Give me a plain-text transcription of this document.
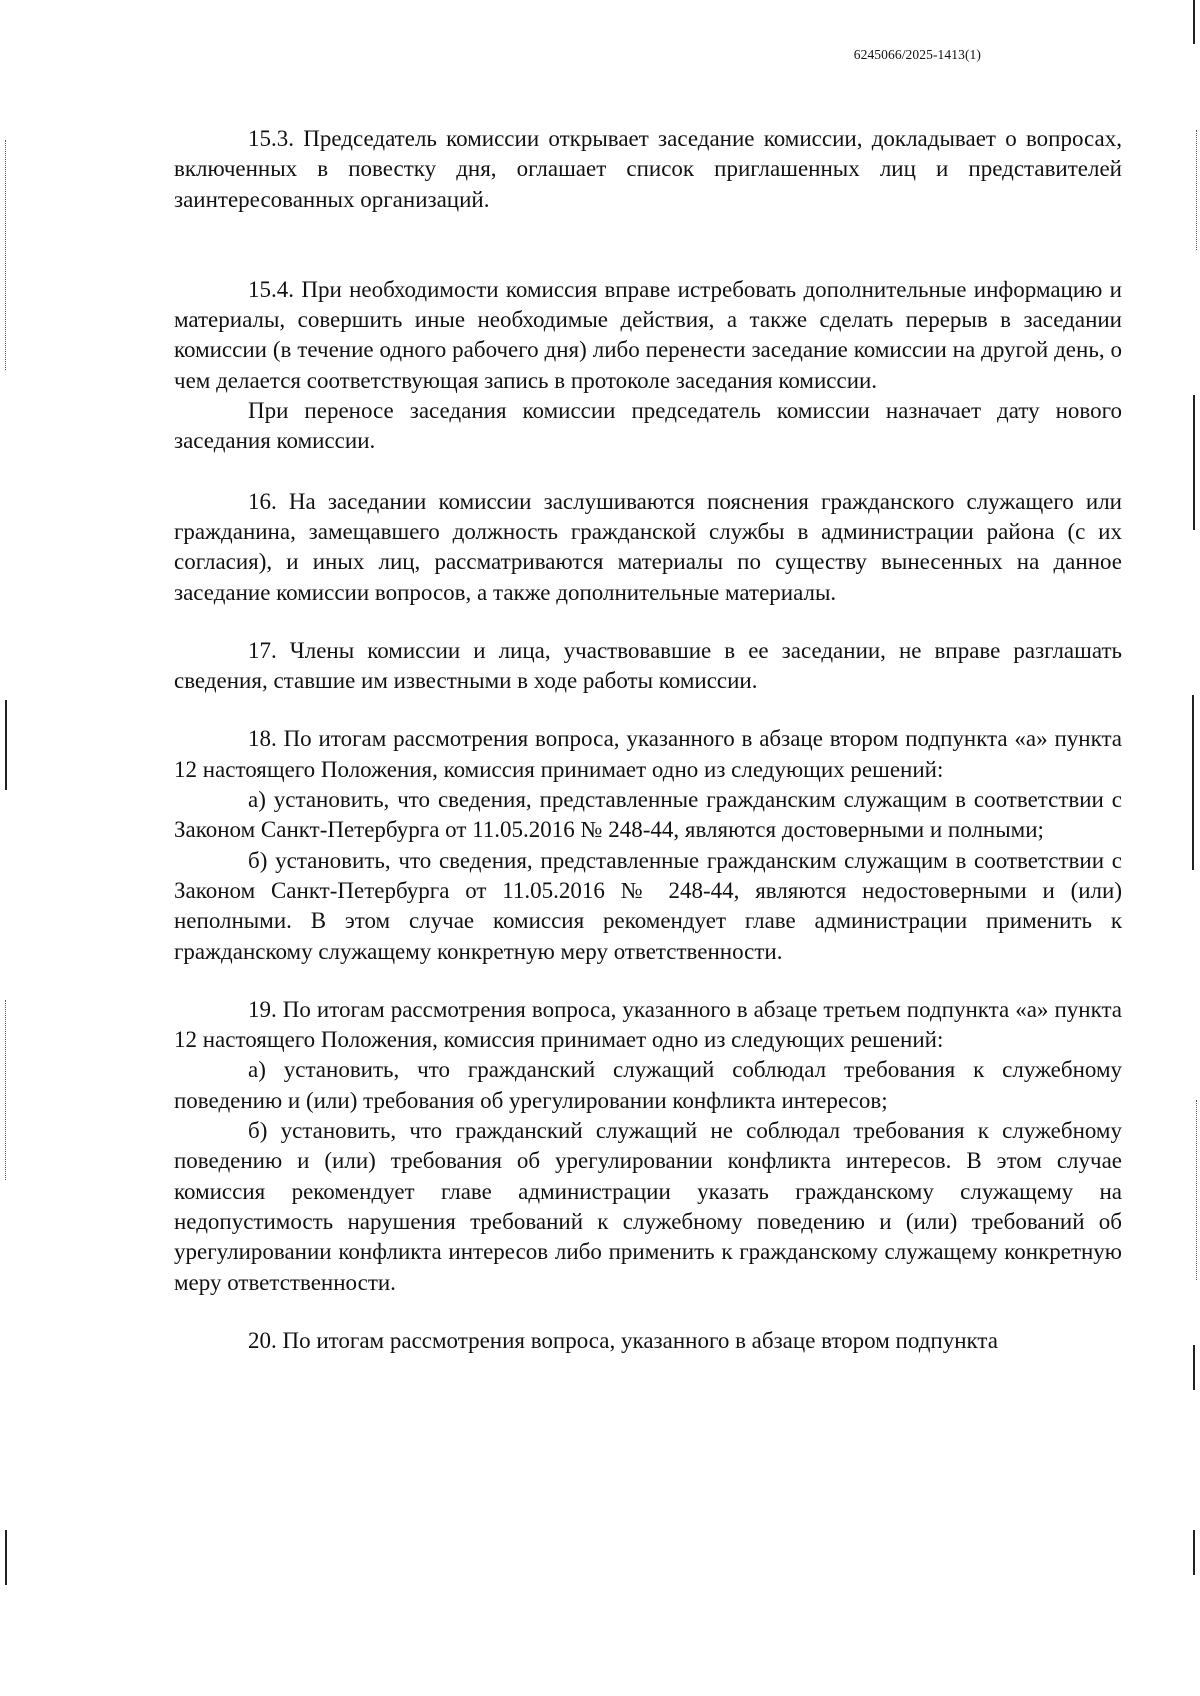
6245066/2025-1413(1)

15.3. Председатель комиссии открывает заседание комиссии, докладывает о вопросах, включенных в повестку дня, оглашает список приглашенных лиц и представителей заинтересованных организаций.

15.4. При необходимости комиссия вправе истребовать дополнительные информацию и материалы, совершить иные необходимые действия, а также сделать перерыв в заседании комиссии (в течение одного рабочего дня) либо перенести заседание комиссии на другой день, о чем делается соответствующая запись в протоколе заседания комиссии.

При переносе заседания комиссии председатель комиссии назначает дату нового заседания комиссии.

16. На заседании комиссии заслушиваются пояснения гражданского служащего или гражданина, замещавшего должность гражданской службы в администрации района (с их согласия), и иных лиц, рассматриваются материалы по существу вынесенных на данное заседание комиссии вопросов, а также дополнительные материалы.

17. Члены комиссии и лица, участвовавшие в ее заседании, не вправе разглашать сведения, ставшие им известными в ходе работы комиссии.

18. По итогам рассмотрения вопроса, указанного в абзаце втором подпункта «а» пункта 12 настоящего Положения, комиссия принимает одно из следующих решений:

а) установить, что сведения, представленные гражданским служащим в соответствии с Законом Санкт-Петербурга от 11.05.2016 № 248-44, являются достоверными и полными;

б) установить, что сведения, представленные гражданским служащим в соответствии с Законом Санкт-Петербурга от 11.05.2016 № 248-44, являются недостоверными и (или) неполными. В этом случае комиссия рекомендует главе администрации применить к гражданскому служащему конкретную меру ответственности.

19. По итогам рассмотрения вопроса, указанного в абзаце третьем подпункта «а» пункта 12 настоящего Положения, комиссия принимает одно из следующих решений:

а) установить, что гражданский служащий соблюдал требования к служебному поведению и (или) требования об урегулировании конфликта интересов;

б) установить, что гражданский служащий не соблюдал требования к служебному поведению и (или) требования об урегулировании конфликта интересов. В этом случае комиссия рекомендует главе администрации указать гражданскому служащему на недопустимость нарушения требований к служебному поведению и (или) требований об урегулировании конфликта интересов либо применить к гражданскому служащему конкретную меру ответственности.

20. По итогам рассмотрения вопроса, указанного в абзаце втором подпункта
